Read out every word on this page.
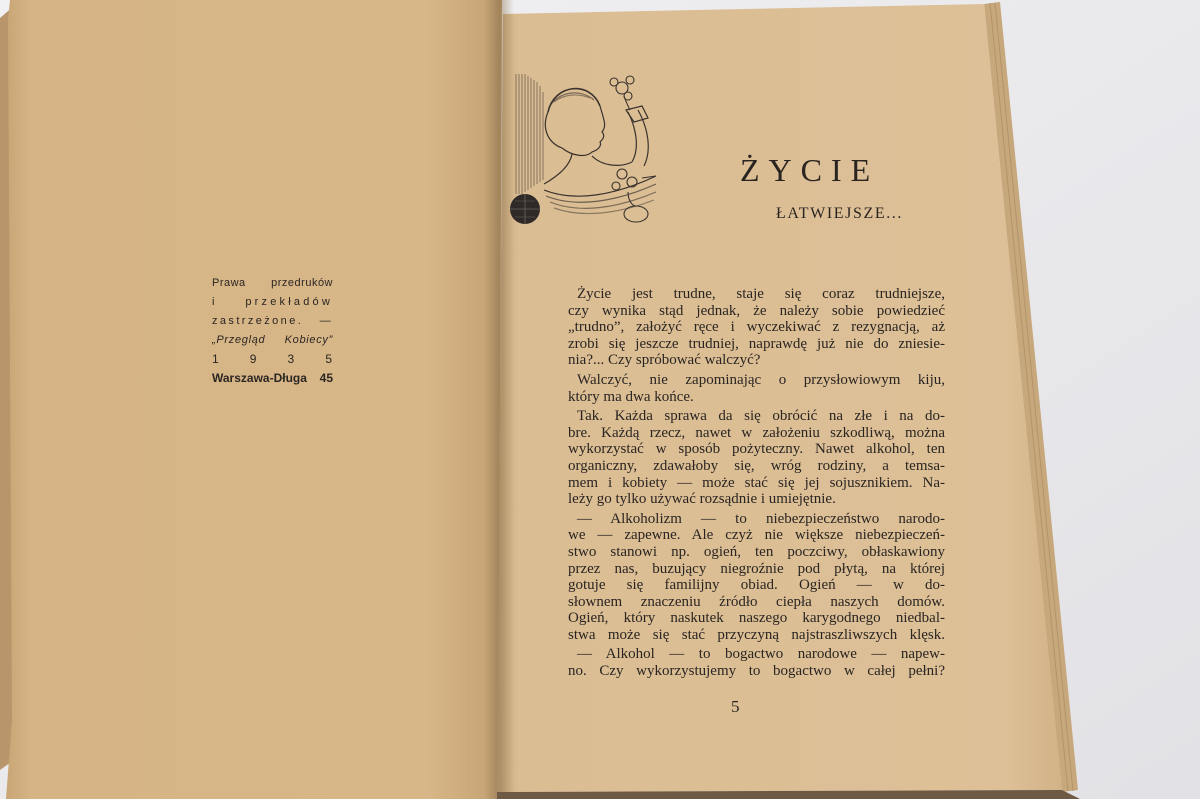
Prawa przedruków
i przekładów
zastrzeżone. —
„Przegląd Kobiecy”
1 9 3 5
Warszawa-Długa 45
ŻYCIE
ŁATWIEJSZE...
Życie jest trudne, staje się coraz trudniejsze,
czy wynika stąd jednak, że należy sobie powiedzieć
„trudno”, założyć ręce i wyczekiwać z rezygnacją, aż
zrobi się jeszcze trudniej, naprawdę już nie do zniesie-
nia?... Czy spróbować walczyć?
Walczyć, nie zapominając o przysłowiowym kiju,
który ma dwa końce.
Tak. Każda sprawa da się obrócić na złe i na do-
bre. Każdą rzecz, nawet w założeniu szkodliwą, można
wykorzystać w sposób pożyteczny. Nawet alkohol, ten
organiczny, zdawałoby się, wróg rodziny, a temsa-
mem i kobiety — może stać się jej sojusznikiem. Na-
leży go tylko używać rozsądnie i umiejętnie.
— Alkoholizm — to niebezpieczeństwo narodo-
we — zapewne. Ale czyż nie większe niebezpieczeń-
stwo stanowi np. ogień, ten poczciwy, obłaskawiony
przez nas, buzujący niegroźnie pod płytą, na której
gotuje się familijny obiad. Ogień — w do-
słownem znaczeniu źródło ciepła naszych domów.
Ogień, który naskutek naszego karygodnego niedbal-
stwa może się stać przyczyną najstraszliwszych klęsk.
— Alkohol — to bogactwo narodowe — napew-
no. Czy wykorzystujemy to bogactwo w całej pełni?
5
